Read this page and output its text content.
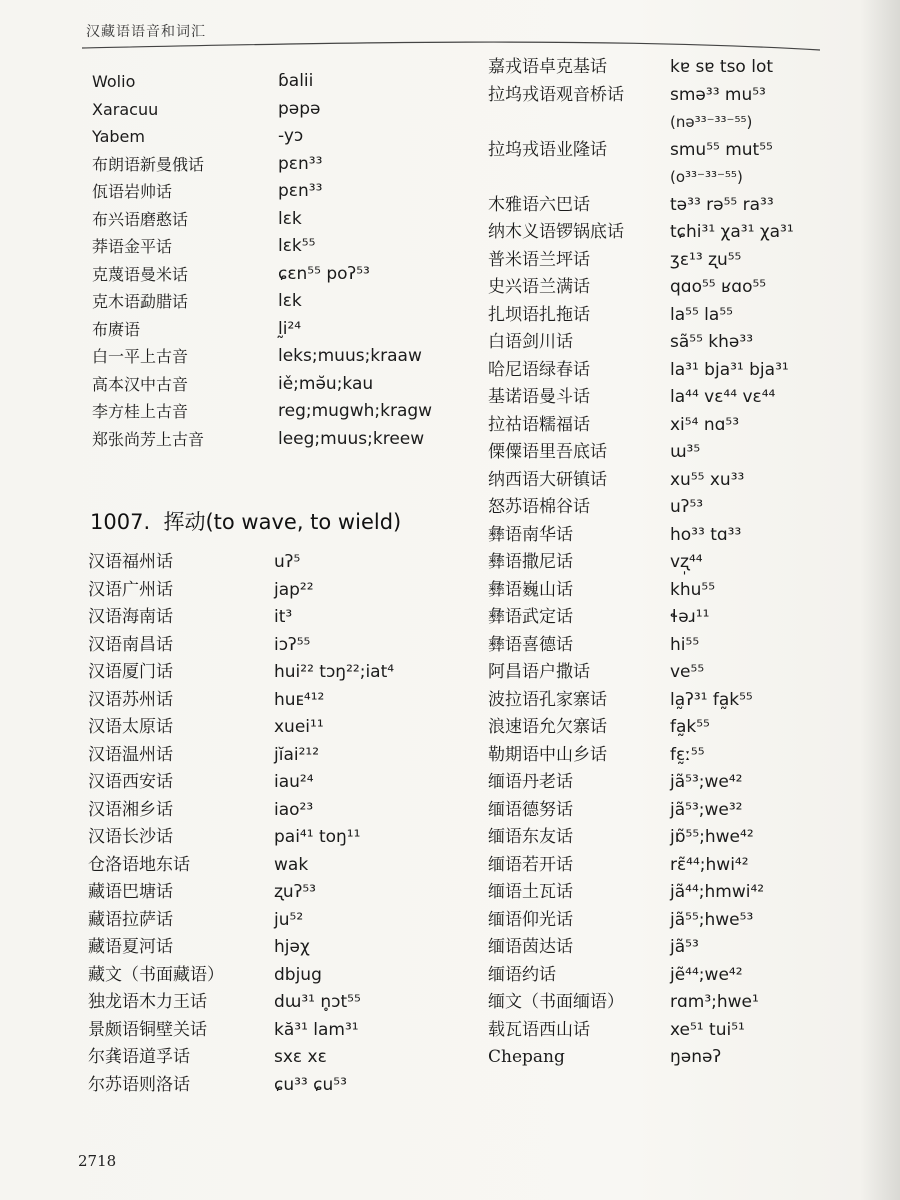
汉藏语语音和词汇
Wolio	ɓalii
Xaracuu	pəpə
Yabem	-yɔ
布朗语新曼俄话	pɛn³³
佤语岩帅话	pɛn³³
布兴语磨憨话	lɛk
莽语金平话	lɛk⁵⁵
克蔑语曼米话	ɕɛn⁵⁵ poʔ⁵³
克木语勐腊话	lɛk
布赓语	l̰i²⁴
白一平上古音	leks;muus;kraaw
高本汉中古音	iě;mǝ̆u;kau
李方桂上古音	reg;mugwh;kragw
郑张尚芳上古音	leeg;muus;kreew
1007. 挥动(to wave, to wield)
汉语福州话	uʔ⁵
汉语广州话	jap²²
汉语海南话	it³
汉语南昌话	iɔʔ⁵⁵
汉语厦门话	hui²² tɔŋ²²;iat⁴
汉语苏州话	huᴇ⁴¹²
汉语太原话	xuei¹¹
汉语温州话	jĭai²¹²
汉语西安话	iau²⁴
汉语湘乡话	iao²³
汉语长沙话	pai⁴¹ toŋ¹¹
仓洛语地东话	wak
藏语巴塘话	ʐuʔ⁵³
藏语拉萨话	ju⁵²
藏语夏河话	hjəχ
藏文（书面藏语）	dbjug
独龙语木力王话	dɯ³¹ n̥ɔt⁵⁵
景颇语铜壁关话	kă³¹ lam³¹
尔龚语道孚话	sxɛ xɛ
尔苏语则洛话	ɕu³³ ɕu⁵³
嘉戎语卓克基话	kɐ sɐ tso lot
拉坞戎语观音桥话	smə³³ mu⁵³
(nə³³⁻³³⁻⁵⁵)
拉坞戎语业隆话	smu⁵⁵ mut⁵⁵
(o³³⁻³³⁻⁵⁵)
木雅语六巴话	tə³³ rə⁵⁵ ra³³
纳木义语锣锅底话	tɕhi³¹ χa³¹ χa³¹
普米语兰坪话	ʒɛ¹³ ʐu⁵⁵
史兴语兰满话	qɑo⁵⁵ ʁɑo⁵⁵
扎坝语扎拖话	la⁵⁵ la⁵⁵
白语剑川话	sã⁵⁵ khə³³
哈尼语绿春话	la³¹ bja³¹ bja³¹
基诺语曼斗话	la⁴⁴ vɛ⁴⁴ vɛ⁴⁴
拉祜语糯福话	xi⁵⁴ nɑ⁵³
傈僳语里吾底话	ɯ³⁵
纳西语大研镇话	xu⁵⁵ xu³³
怒苏语棉谷话	uʔ⁵³
彝语南华话	ho³³ tɑ³³
彝语撒尼话	vʐ̩⁴⁴
彝语巍山话	khu⁵⁵
彝语武定话	ɬəɹ¹¹
彝语喜德话	hi⁵⁵
阿昌语户撒话	ve⁵⁵
波拉语孔家寨话	la̰ʔ³¹ fa̰k⁵⁵
浪速语允欠寨话	fa̰k⁵⁵
勒期语中山乡话	fɛ̰ː⁵⁵
缅语丹老话	jã⁵³;we⁴²
缅语德努话	jã⁵³;we³²
缅语东友话	jɒ̃⁵⁵;hwe⁴²
缅语若开话	rɛ̃⁴⁴;hwi⁴²
缅语土瓦话	jã⁴⁴;hmwi⁴²
缅语仰光话	jã⁵⁵;hwe⁵³
缅语茵达话	jã⁵³
缅语约话	jẽ⁴⁴;we⁴²
缅文（书面缅语）	rɑm³;hwe¹
载瓦语西山话	xe⁵¹ tui⁵¹
Chepang	ŋənəʔ
2718
